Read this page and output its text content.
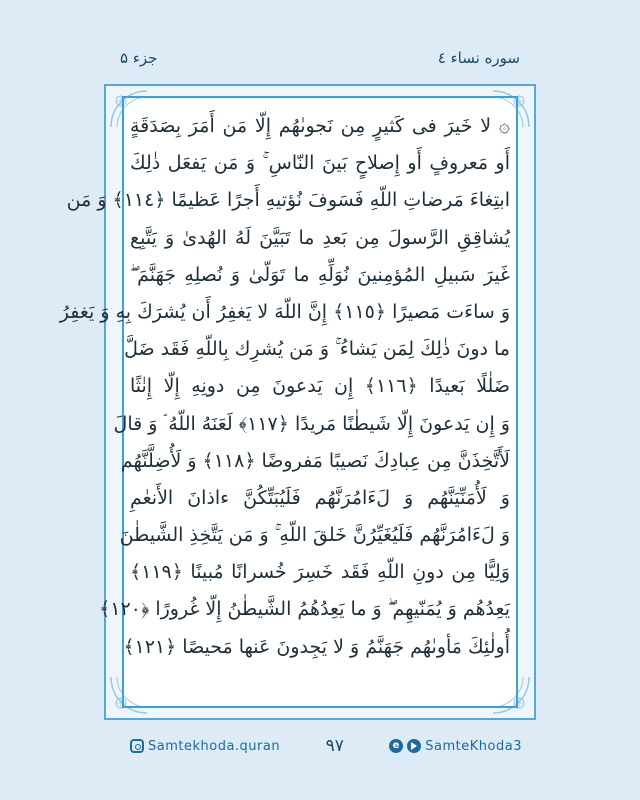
جزء ۵	سوره نساء ٤
۞ لا خَيرَ فی كَثيرٍ مِن نَجوىٰهُم إِلّا مَن أَمَرَ بِصَدَقَةٍ
أَو مَعروفٍ أَو إِصلاحٍ بَينَ النّاسِ ۚ وَ مَن يَفعَل ذٰلِكَ
ابتِغاءَ مَرضاتِ اللّهِ فَسَوفَ نُؤتيهِ أَجرًا عَظيمًا ﴿١١٤﴾ وَ مَن
يُشاقِقِ الرَّسولَ مِن بَعدِ ما تَبَيَّنَ لَهُ الهُدىٰ وَ يَتَّبِع
غَيرَ سَبيلِ المُؤمِنينَ نُوَلِّهِ ما تَوَلّىٰ وَ نُصلِهِ جَهَنَّمَ ۖ
وَ ساءَت مَصيرًا ﴿١١٥﴾ إِنَّ اللّهَ لا يَغفِرُ أَن يُشرَكَ بِهِ وَ يَغفِرُ
ما دونَ ذٰلِكَ لِمَن يَشاءُ ۚ وَ مَن يُشرِك بِاللّهِ فَقَد ضَلَّ
ضَلٰلًا بَعيدًا ﴿١١٦﴾ إِن يَدعونَ مِن دونِهِ إِلّا إِنٰثًا
وَ إِن يَدعونَ إِلّا شَيطٰنًا مَريدًا ﴿١١٧﴾ لَعَنَهُ اللّهُ ۘ وَ قالَ
لَأَتَّخِذَنَّ مِن عِبادِكَ نَصيبًا مَفروضًا ﴿١١٨﴾ وَ لَأُضِلَّنَّهُم
وَ لَأُمَنِّيَنَّهُم وَ لَءَامُرَنَّهُم فَلَيُبَتِّكُنَّ ءاذانَ الأَنعٰمِ
وَ لَءَامُرَنَّهُم فَلَيُغَيِّرُنَّ خَلقَ اللّهِ ۚ وَ مَن يَتَّخِذِ الشَّيطٰنَ
وَلِيًّا مِن دونِ اللّهِ فَقَد خَسِرَ خُسرانًا مُبينًا ﴿١١٩﴾
يَعِدُهُم وَ يُمَنّيهِم ۖ وَ ما يَعِدُهُمُ الشَّيطٰنُ إِلّا غُرورًا ﴿١٢٠﴾
أُولٰئِكَ مَأوىٰهُم جَهَنَّمُ وَ لا يَجِدونَ عَنها مَحيصًا ﴿١٢١﴾
Samtekhoda.quran	۹۷	e SamteKhoda3
